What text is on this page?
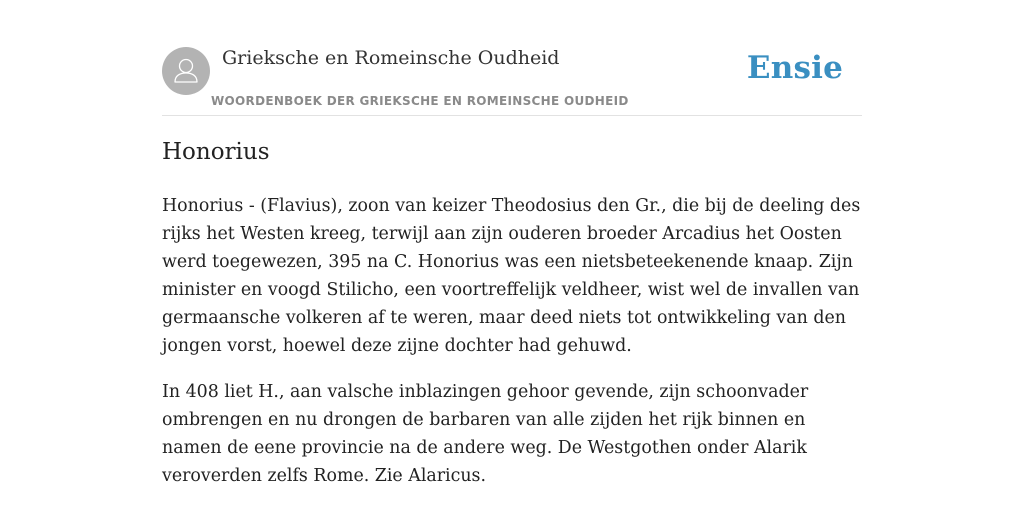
Grieksche en Romeinsche Oudheid
WOORDENBOEK DER GRIEKSCHE EN ROMEINSCHE OUDHEID
Ensie
Honorius

Honorius - (Flavius), zoon van keizer Theodosius den Gr., die bij de deeling des rijks het Westen kreeg, terwijl aan zijn ouderen broeder Arcadius het Oosten werd toegewezen, 395 na C. Honorius was een nietsbeteekenende knaap. Zijn minister en voogd Stilicho, een voortreffelijk veldheer, wist wel de invallen van germaansche volkeren af te weren, maar deed niets tot ontwikkeling van den jongen vorst, hoewel deze zijne dochter had gehuwd.

In 408 liet H., aan valsche inblazingen gehoor gevende, zijn schoonvader ombrengen en nu drongen de barbaren van alle zijden het rijk binnen en namen de eene provincie na de andere weg. De Westgothen onder Alarik veroverden zelfs Rome. Zie Alaricus.
